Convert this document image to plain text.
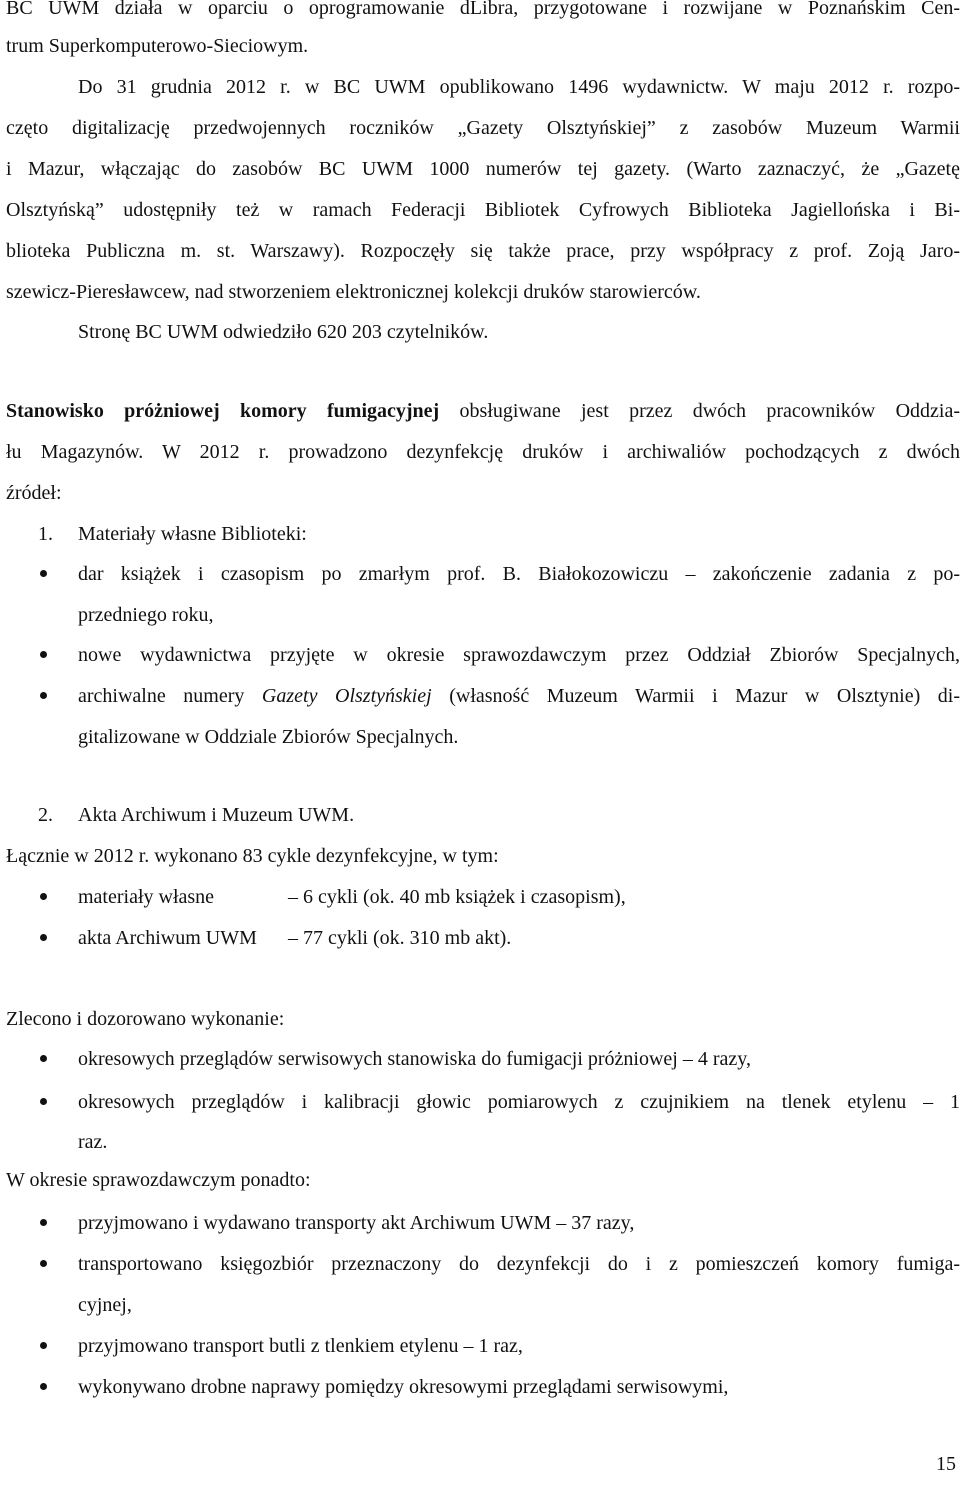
BC UWM działa w oparciu o oprogramowanie dLibra, przygotowane i rozwijane w Poznańskim Cen-
trum Superkomputerowo-Sieciowym.
Do 31 grudnia 2012 r. w BC UWM opublikowano 1496 wydawnictw. W maju 2012 r. rozpo-
częto digitalizację przedwojennych roczników „Gazety Olsztyńskiej” z zasobów Muzeum Warmii
i Mazur, włączając do zasobów BC UWM 1000 numerów tej gazety. (Warto zaznaczyć, że „Gazetę
Olsztyńską” udostępniły też w ramach Federacji Bibliotek Cyfrowych Biblioteka Jagiellońska i Bi-
blioteka Publiczna m. st. Warszawy). Rozpoczęły się także prace, przy współpracy z prof. Zoją Jaro-
szewicz-Pieresławcew, nad stworzeniem elektronicznej kolekcji druków starowierców.
Stronę BC UWM odwiedziło 620 203 czytelników.
Stanowisko próżniowej komory fumigacyjnej obsługiwane jest przez dwóch pracowników Oddzia-
łu Magazynów. W 2012 r. prowadzono dezynfekcję druków i archiwaliów pochodzących z dwóch
źródeł:
1. Materiały własne Biblioteki:
dar książek i czasopism po zmarłym prof. B. Białokozowiczu – zakończenie zadania z po-
przedniego roku,
nowe wydawnictwa przyjęte w okresie sprawozdawczym przez Oddział Zbiorów Specjalnych,
archiwalne numery Gazety Olsztyńskiej (własność Muzeum Warmii i Mazur w Olsztynie) di-
gitalizowane w Oddziale Zbiorów Specjalnych.
2. Akta Archiwum i Muzeum UWM.
Łącznie w 2012 r. wykonano 83 cykle dezynfekcyjne, w tym:
materiały własne	– 6 cykli (ok. 40 mb książek i czasopism),
akta Archiwum UWM – 77 cykli (ok. 310 mb akt).
Zlecono i dozorowano wykonanie:
okresowych przeglądów serwisowych stanowiska do fumigacji próżniowej – 4 razy,
okresowych przeglądów i kalibracji głowic pomiarowych z czujnikiem na tlenek etylenu – 1
raz.
W okresie sprawozdawczym ponadto:
przyjmowano i wydawano transporty akt Archiwum UWM – 37 razy,
transportowano księgozbiór przeznaczony do dezynfekcji do i z pomieszczeń komory fumiga-
cyjnej,
przyjmowano transport butli z tlenkiem etylenu – 1 raz,
wykonywano drobne naprawy pomiędzy okresowymi przeglądami serwisowymi,
15
